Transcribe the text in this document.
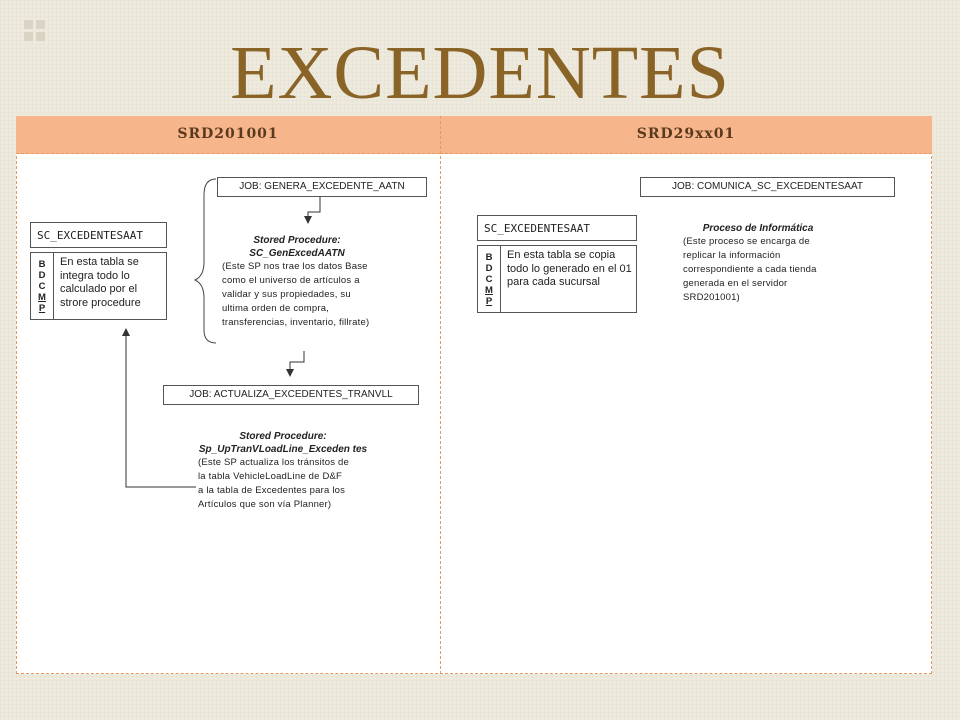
EXCEDENTES
SRD201001	SRD29xx01
JOB: GENERA_EXCEDENTE_AATN
SC_EXCEDENTESAAT
B
D
C
M
P
En esta tabla se integra todo lo calculado por el strore procedure
Stored Procedure: SC_GenExcedAATN
(Este SP nos trae los datos Base como el universo de artículos a validar y sus propiedades, su ultima orden de compra, transferencias, inventario, fillrate)
JOB: ACTUALIZA_EXCEDENTES_TRANVLL
Stored Procedure: Sp_UpTranVLoadLine_Exceden tes
(Este SP actualiza los tránsitos de la tabla VehicleLoadLine de D&F a la tabla de Excedentes para los Artículos que son vía Planner)
JOB: COMUNICA_SC_EXCEDENTESAAT
SC_EXCEDENTESAAT
B
D
C
M
P
En esta tabla se copia todo lo generado en el 01 para cada sucursal
Proceso de Informática
(Este proceso se encarga de replicar la información correspondiente a cada tienda generada en el servidor SRD201001)
